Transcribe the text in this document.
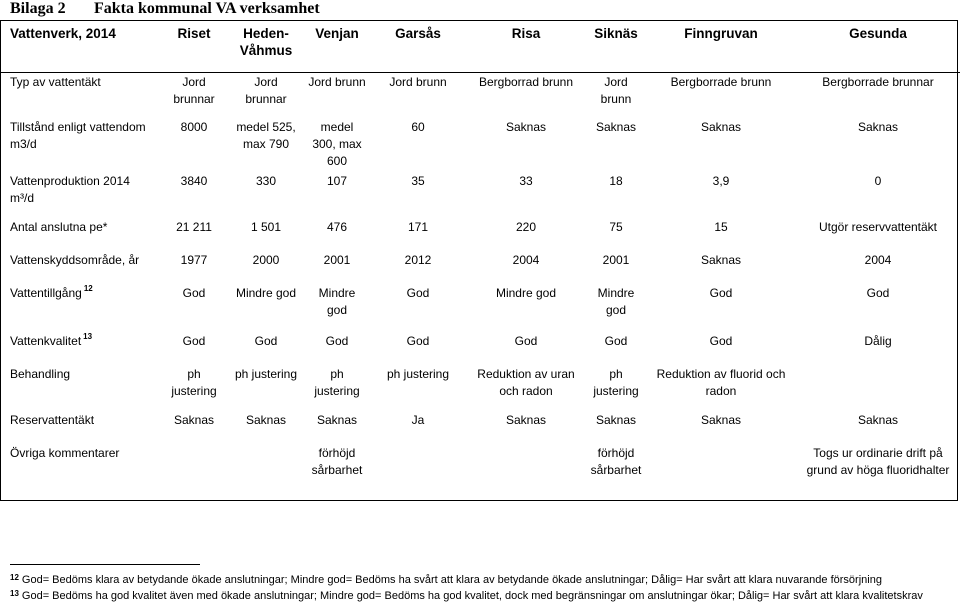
Bilaga 2 Fakta kommunal VA verksamhet
Vattenverk, 2014	Riset	Heden-Våhmus	Venjan	Garsås	Risa	Siknäs	Finngruvan	Gesunda
Typ av vattentäkt	Jord brunnar	Jord brunnar	Jord brunn	Jord brunn	Bergborrad brunn	Jord brunn	Bergborrade brunn	Bergborrade brunnar
Tillstånd enligt vattendom m3/d	8000	medel 525, max 790	medel 300, max 600	60	Saknas	Saknas	Saknas	Saknas
Vattenproduktion 2014 m³/d	3840	330	107	35	33	18	3,9	0
Antal anslutna pe*	21 211	1 501	476	171	220	75	15	Utgör reservvattentäkt
Vattenskyddsområde, år	1977	2000	2001	2012	2004	2001	Saknas	2004
Vattentillgång $^{12}$	God	Mindre god	Mindre god	God	Mindre god	Mindre god	God	God
Vattenkvalitet $^{13}$	God	God	God	God	God	God	God	Dålig
Behandling	ph justering	ph justering	ph justering	ph justering	Reduktion av uran och radon	ph justering	Reduktion av fluorid och radon	
Reservattentäkt	Saknas	Saknas	Saknas	Ja	Saknas	Saknas	Saknas	Saknas
Övriga kommentarer			förhöjd sårbarhet			förhöjd sårbarhet		Togs ur ordinarie drift på grund av höga fluoridhalter
$^{12}$ God= Bedöms klara av betydande ökade anslutningar; Mindre god= Bedöms ha svårt att klara av betydande ökade anslutningar; Dålig= Har svårt att klara nuvarande försörjning
$^{13}$ God= Bedöms ha god kvalitet även med ökade anslutningar; Mindre god= Bedöms ha god kvalitet, dock med begränsningar om anslutningar ökar; Dålig= Har svårt att klara kvalitetskrav
